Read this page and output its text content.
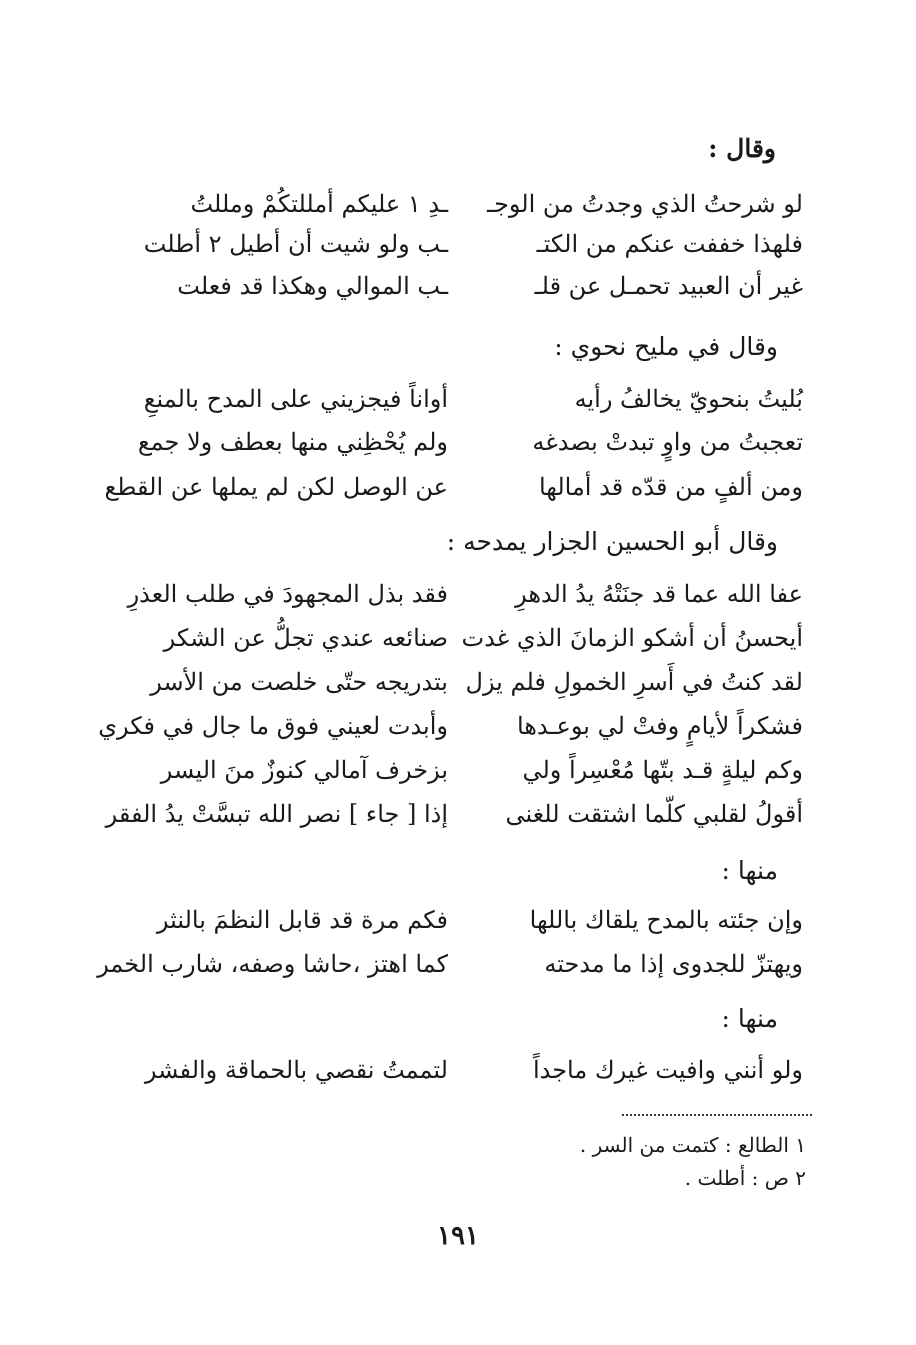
وقال :
لو شرحتُ الذي وجدتُ من الوجـ
ـدِ ١ عليكم أمللتكُمْ ومللتُ
فلهذا خففت عنكم من الكتـ
ـب ولو شيت أن أطيل ٢ أطلت
غير أن العبيد تحمـل عن قلـ
ـب الموالي وهكذا قد فعلت
وقال في مليح نحوي :
بُليتُ بنحويّ يخالفُ رأيه
أواناً فيجزيني على المدح بالمنعِ
تعجبتُ من واوٍ تبدتْ بصدغه
ولم يُحْظِني منها بعطف ولا جمع
ومن ألفٍ من قدّه قد أمالها
عن الوصل لكن لم يملها عن القطع
وقال أبو الحسين الجزار يمدحه :
عفا الله عما قد جنَتْهُ يدُ الدهرِ
فقد بذل المجهودَ في طلب العذرِ
أيحسنُ أن أشكو الزمانَ الذي غدت
صنائعه عندي تجلُّ عن الشكر
لقد كنتُ في أَسرِ الخمولِ فلم يزل
بتدريجه حتّى خلصت من الأسر
فشكراً لأيامٍ وفتْ لي بوعـدها
وأبدت لعيني فوق ما جال في فكري
وكم ليلةٍ قـد بتّها مُعْسِراً ولي
بزخرف آمالي كنوزٌ منَ اليسر
أقولُ لقلبي كلّما اشتقت للغنى
إذا [ جاء ] نصر الله تبسَّتْ يدُ الفقر
منها :
وإن جئته بالمدح يلقاك باللها
فكم مرة قد قابل النظمَ بالنثر
ويهتزّ للجدوى إذا ما مدحته
كما اهتز ،حاشا وصفه، شارب الخمر
منها :
ولو أنني وافيت غيرك ماجداً
لتممتُ نقصي بالحماقة والفشر
١ الطالع : كتمت من السر .
٢ ص : أطلت .
١٩١
